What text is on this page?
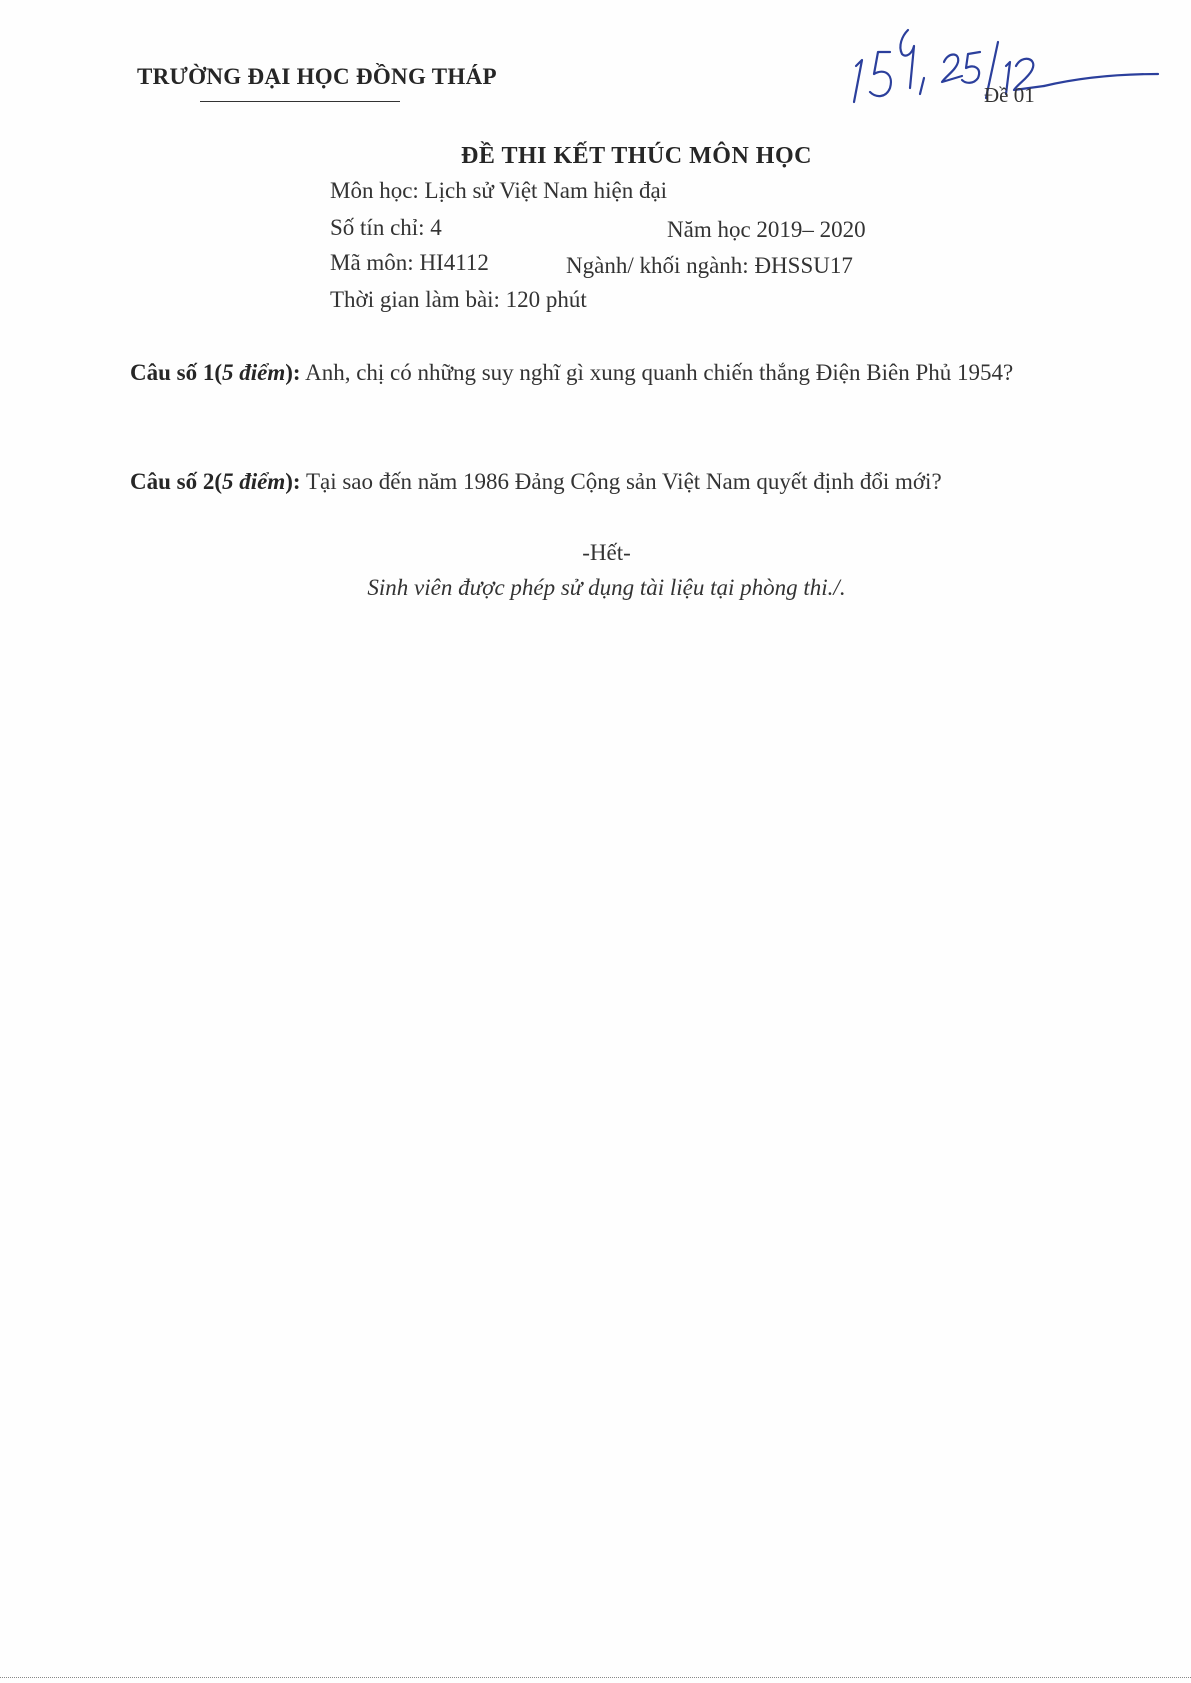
TRƯỜNG ĐẠI HỌC ĐỒNG THÁP
Đề 01
ĐỀ THI KẾT THÚC MÔN HỌC
Môn học: Lịch sử Việt Nam hiện đại
Số tín chỉ: 4	Năm học 2019– 2020
Mã môn: HI4112	Ngành/ khối ngành: ĐHSSU17
Thời gian làm bài: 120 phút
Câu số 1(5 điểm): Anh, chị có những suy nghĩ gì xung quanh chiến thắng Điện Biên Phủ 1954?
Câu số 2(5 điểm): Tại sao đến năm 1986 Đảng Cộng sản Việt Nam quyết định đổi mới?
-Hết-
Sinh viên được phép sử dụng tài liệu tại phòng thi./.
